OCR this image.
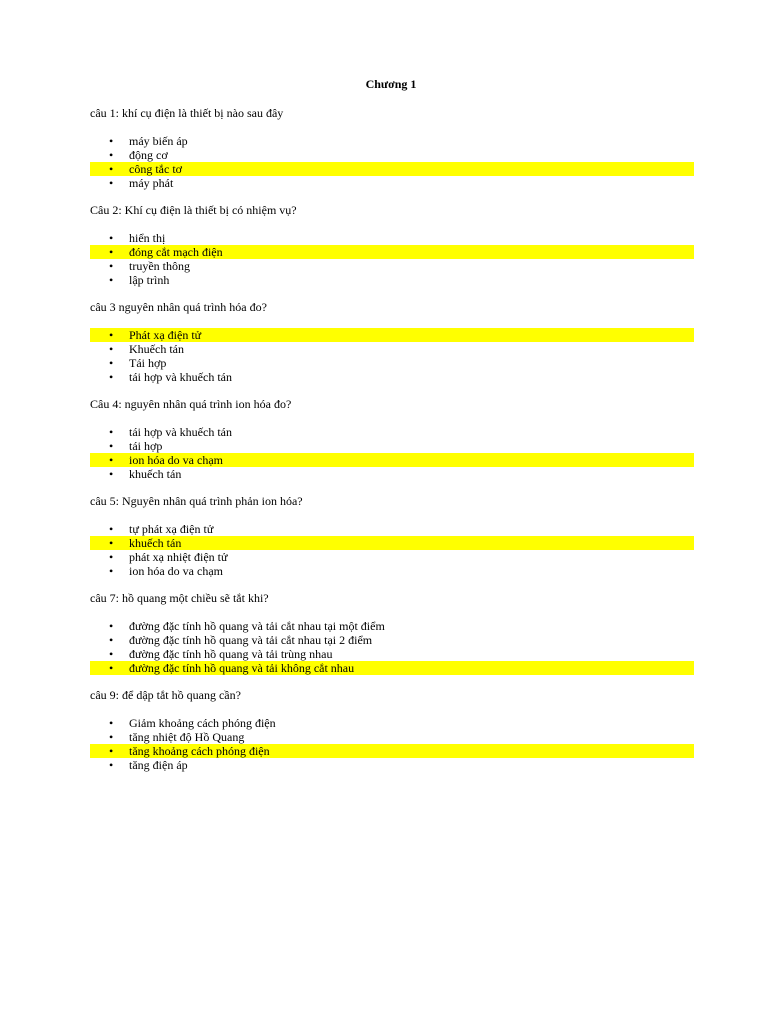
Chương 1

câu 1: khí cụ điện là thiết bị nào sau đây

• máy biến áp
• động cơ
• công tắc tơ
• máy phát

Câu 2: Khí cụ điện là thiết bị có nhiệm vụ?

• hiển thị
• đóng cắt mạch điện
• truyền thông
• lập trình

câu 3 nguyên nhân quá trình hóa đo?

• Phát xạ điện tử
• Khuếch tán
• Tái hợp
• tái hợp và khuếch tán

Câu 4: nguyên nhân quá trình ion hóa đo?

• tái hợp và khuếch tán
• tái hợp
• ion hóa do va chạm
• khuếch tán

câu 5: Nguyên nhân quá trình phản ion hóa?

• tự phát xạ điện tử
• khuếch tán
• phát xạ nhiệt điện tử
• ion hóa do va chạm

câu 7: hồ quang một chiều sẽ tắt khi?

• đường đặc tính hồ quang và tải cắt nhau tại một điểm
• đường đặc tính hồ quang và tải cắt nhau tại 2 điểm
• đường đặc tính hồ quang và tải trùng nhau
• đường đặc tính hồ quang và tải không cắt nhau

câu 9: để dập tắt hồ quang cần?

• Giảm khoảng cách phóng điện
• tăng nhiệt độ Hồ Quang
• tăng khoảng cách phóng điện
• tăng điện áp
